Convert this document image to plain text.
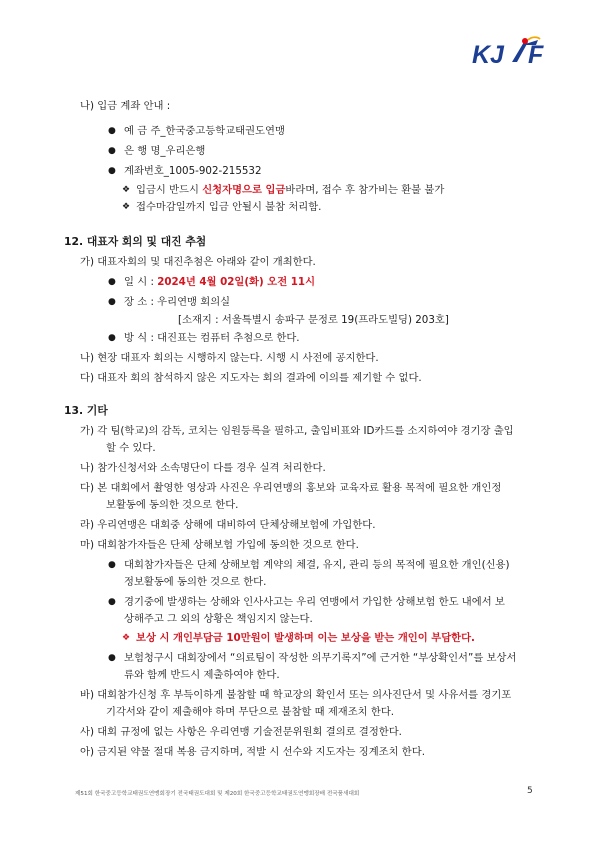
KJ F
나) 입금 계좌 안내 :
● 예 금 주_한국중고등학교태권도연맹
● 은 행 명_우리은행
● 계좌번호_1005-902-215532
❖ 입금시 반드시 신청자명으로 입금바라며, 접수 후 참가비는 환불 불가
❖ 접수마감일까지 입금 안될시 불참 처리함.
12. 대표자 회의 및 대진 추첨
가) 대표자회의 및 대진추첨은 아래와 같이 개최한다.
● 일 시 : 2024년 4월 02일(화) 오전 11시
● 장 소 : 우리연맹 회의실
[소재지 : 서울특별시 송파구 문정로 19(프라도빌딩) 203호]
● 방 식 : 대진표는 컴퓨터 추첨으로 한다.
나) 현장 대표자 회의는 시행하지 않는다. 시행 시 사전에 공지한다.
다) 대표자 회의 참석하지 않은 지도자는 회의 결과에 이의를 제기할 수 없다.
13. 기타
가) 각 팀(학교)의 감독, 코치는 임원등록을 필하고, 출입비표와 ID카드를 소지하여야 경기장 출입
할 수 있다.
나) 참가신청서와 소속명단이 다를 경우 실격 처리한다.
다) 본 대회에서 촬영한 영상과 사진은 우리연맹의 홍보와 교육자료 활용 목적에 필요한 개인정
보활동에 동의한 것으로 한다.
라) 우리연맹은 대회중 상해에 대비하여 단체상해보험에 가입한다.
마) 대회참가자들은 단체 상해보험 가입에 동의한 것으로 한다.
● 대회참가자들은 단체 상해보험 계약의 체결, 유지, 관리 등의 목적에 필요한 개인(신용)
정보활동에 동의한 것으로 한다.
● 경기중에 발생하는 상해와 인사사고는 우리 연맹에서 가입한 상해보험 한도 내에서 보
상해주고 그 외의 상황은 책임지지 않는다.
❖ 보상 시 개인부담금 10만원이 발생하며 이는 보상을 받는 개인이 부담한다.
● 보험청구시 대회장에서 “의료팀이 작성한 의무기록지”에 근거한 “부상확인서”를 보상서
류와 함께 반드시 제출하여야 한다.
바) 대회참가신청 후 부득이하게 불참할 때 학교장의 확인서 또는 의사진단서 및 사유서를 경기포
기각서와 같이 제출해야 하며 무단으로 불참할 때 제재조치 한다.
사) 대회 규정에 없는 사항은 우리연맹 기술전문위원회 결의로 결정한다.
아) 금지된 약물 절대 복용 금지하며, 적발 시 선수와 지도자는 징계조치 한다.
제51회 한국중고등학교태권도연맹회장기 전국태권도대회 및 제20회 한국중고등학교태권도연맹회장배 전국품새대회	5
